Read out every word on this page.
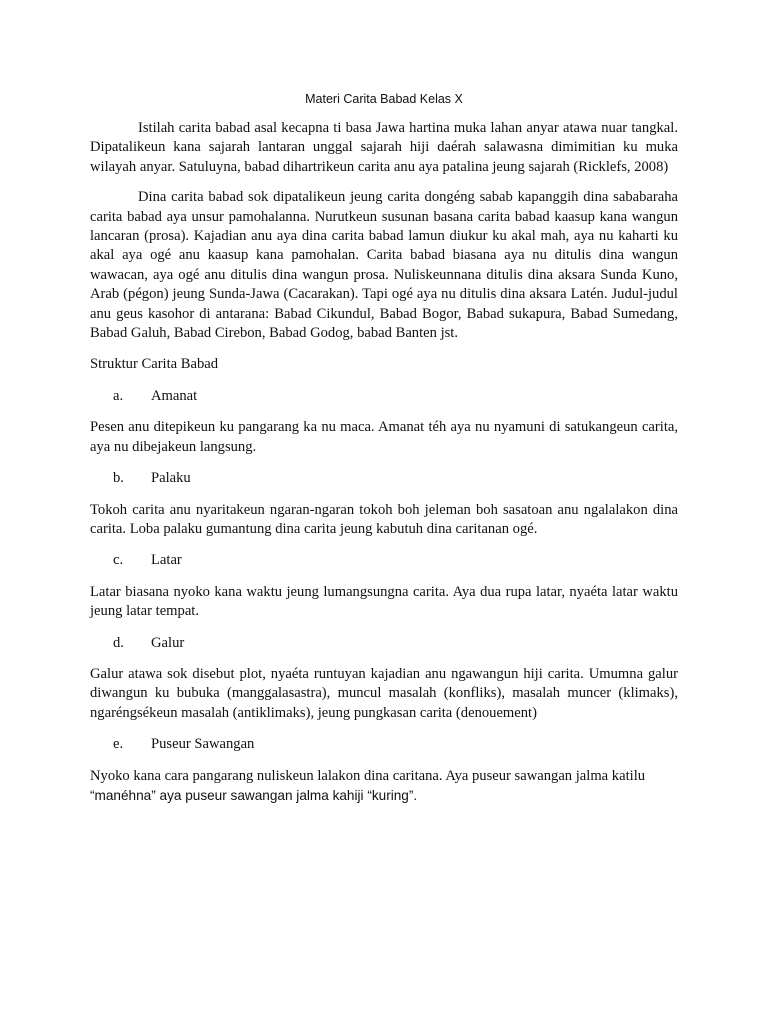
Materi Carita Babad Kelas X

Istilah carita babad asal kecapna ti basa Jawa hartina muka lahan anyar atawa nuar tangkal. Dipatalikeun kana sajarah lantaran unggal sajarah hiji daérah salawasna dimimitian ku muka wilayah anyar. Satuluyna, babad dihartrikeun carita anu aya patalina jeung sajarah (Ricklefs, 2008)

Dina carita babad sok dipatalikeun jeung carita dongéng sabab kapanggih dina sababaraha carita babad aya unsur pamohalanna. Nurutkeun susunan basana carita babad kaasup kana wangun lancaran (prosa). Kajadian anu aya dina carita babad lamun diukur ku akal mah, aya nu kaharti ku akal aya ogé anu kaasup kana pamohalan. Carita babad biasana aya nu ditulis dina wangun wawacan, aya ogé anu ditulis dina wangun prosa. Nuliskeunnana ditulis dina aksara Sunda Kuno, Arab (pégon) jeung Sunda-Jawa (Cacarakan). Tapi ogé aya nu ditulis dina aksara Latén. Judul-judul anu geus kasohor di antarana: Babad Cikundul, Babad Bogor, Babad sukapura, Babad Sumedang, Babad Galuh, Babad Cirebon, Babad Godog, babad Banten jst.

Struktur Carita Babad

a.	Amanat

Pesen anu ditepikeun ku pangarang ka nu maca. Amanat téh aya nu nyamuni di satukangeun carita, aya nu dibejakeun langsung.

b.	Palaku

Tokoh carita anu nyaritakeun ngaran-ngaran tokoh boh jeleman boh sasatoan anu ngalalakon dina carita. Loba palaku gumantung dina carita jeung kabutuh dina caritanan ogé.

c.	Latar

Latar biasana nyoko kana waktu jeung lumangsungna carita. Aya dua rupa latar, nyaéta latar waktu jeung latar tempat.

d.	Galur

Galur atawa sok disebut plot, nyaéta runtuyan kajadian anu ngawangun hiji carita. Umumna galur diwangun ku bubuka (manggalasastra), muncul masalah (konfliks), masalah muncer (klimaks), ngaréngsékeun masalah (antiklimaks), jeung pungkasan carita (denouement)

e.	Puseur Sawangan

Nyoko kana cara pangarang nuliskeun lalakon dina caritana. Aya puseur sawangan jalma katilu
“manéhna” aya puseur sawangan jalma kahiji “kuring”.
